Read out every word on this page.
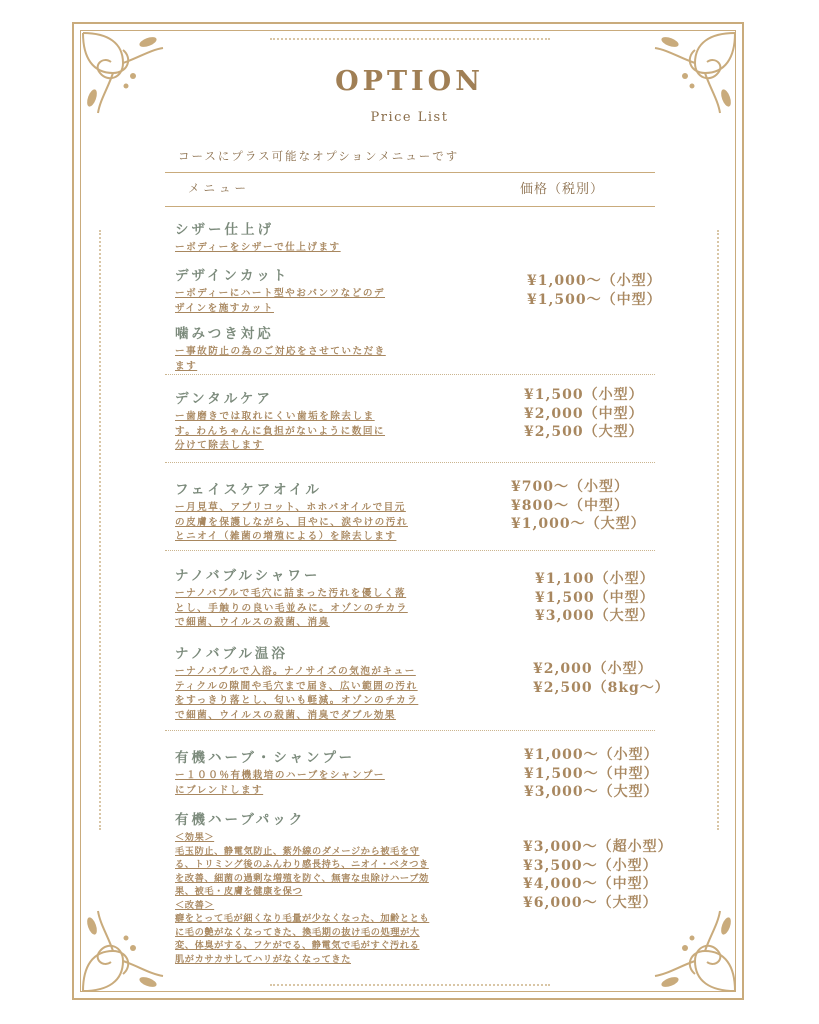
OPTION
Price List
コースにプラス可能なオプションメニューです
メニュー	価格（税別）
シザー仕上げ
ーボディーをシザーで仕上げます
デザインカット
ーボディーにハート型やおパンツなどのデ
ザインを施すカット
¥1,000～（小型）
¥1,500～（中型）
噛みつき対応
ー事故防止の為のご対応をさせていただき
ます
デンタルケア
ー歯磨きでは取れにくい歯垢を除去しま
す。わんちゃんに負担がないように数回に
分けて除去します
¥1,500（小型）
¥2,000（中型）
¥2,500（大型）
フェイスケアオイル
ー月見草、アプリコット、ホホバオイルで目元
の皮膚を保護しながら、目やに、涙やけの汚れ
とニオイ（雑菌の増殖による）を除去します
¥700～（小型）
¥800～（中型）
¥1,000～（大型）
ナノバブルシャワー
ーナノバブルで毛穴に詰まった汚れを優しく落
とし、手触りの良い毛並みに。オゾンのチカラ
で細菌、ウイルスの殺菌、消臭
¥1,100（小型）
¥1,500（中型）
¥3,000（大型）
ナノバブル温浴
ーナノバブルで入浴。ナノサイズの気泡がキュー
ティクルの隙間や毛穴まで届き、広い範囲の汚れ
をすっきり落とし、匂いも軽減。オゾンのチカラ
で細菌、ウイルスの殺菌、消臭でダブル効果
¥2,000（小型）
¥2,500（8kg～）
有機ハーブ・シャンプー
ー１００％有機栽培のハーブをシャンプー
にブレンドします
¥1,000～（小型）
¥1,500～（中型）
¥3,000～（大型）
有機ハーブパック
＜効果＞
毛玉防止、静電気防止、紫外線のダメージから被毛を守
る、トリミング後のふんわり感長持ち、ニオイ・ベタつき
を改善、細菌の過剰な増殖を防ぐ、無害な虫除けハーブ効
果、被毛・皮膚を健康を保つ
＜改善＞
癖をとって毛が細くなり毛量が少なくなった、加齢ととも
に毛の艶がなくなってきた、換毛期の抜け毛の処理が大
変、体臭がする、フケがでる、静電気で毛がすぐ汚れる
肌がカサカサしてハリがなくなってきた
¥3,000～（超小型）
¥3,500～（小型）
¥4,000～（中型）
¥6,000～（大型）
